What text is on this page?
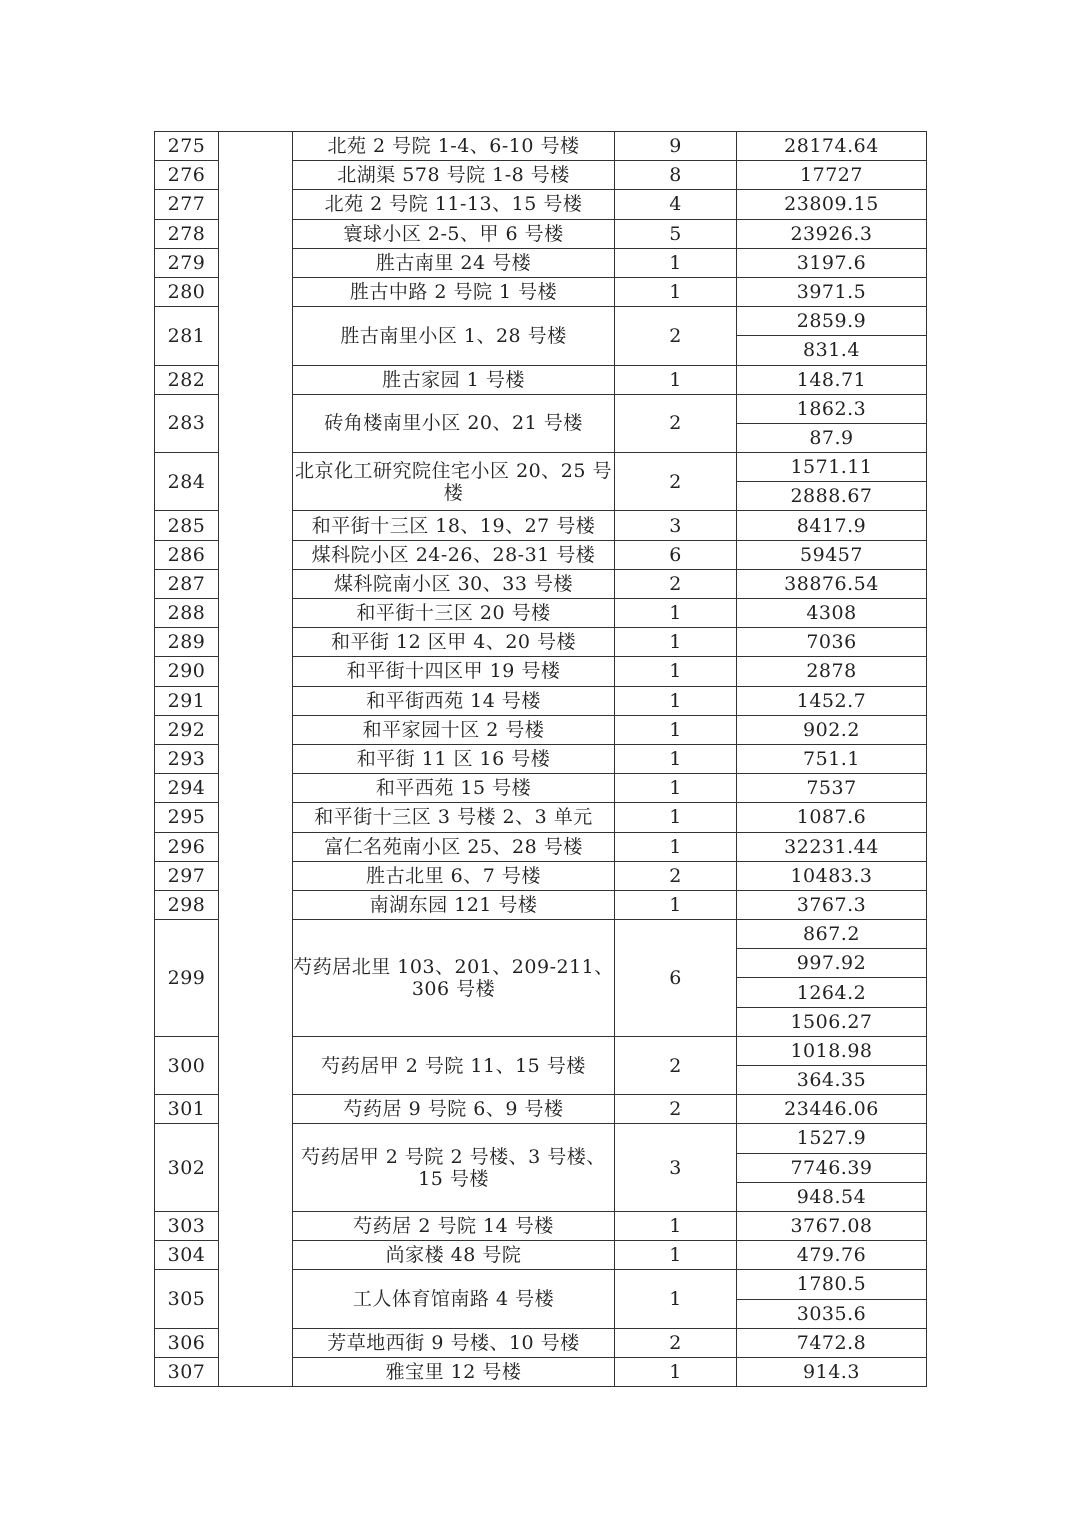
275		北苑 2 号院 1-4、6-10 号楼	9	28174.64
276		北湖渠 578 号院 1-8 号楼	8	17727
277		北苑 2 号院 11-13、15 号楼	4	23809.15
278		寰球小区 2-5、甲 6 号楼	5	23926.3
279		胜古南里 24 号楼	1	3197.6
280		胜古中路 2 号院 1 号楼	1	3971.5
281		胜古南里小区 1、28 号楼	2	2859.9
				831.4
282		胜古家园 1 号楼	1	148.71
283		砖角楼南里小区 20、21 号楼	2	1862.3
				87.9
284		北京化工研究院住宅小区 20、25 号楼	2	1571.11
				2888.67
285		和平街十三区 18、19、27 号楼	3	8417.9
286		煤科院小区 24-26、28-31 号楼	6	59457
287		煤科院南小区 30、33 号楼	2	38876.54
288		和平街十三区 20 号楼	1	4308
289		和平街 12 区甲 4、20 号楼	1	7036
290		和平街十四区甲 19 号楼	1	2878
291		和平街西苑 14 号楼	1	1452.7
292		和平家园十区 2 号楼	1	902.2
293		和平街 11 区 16 号楼	1	751.1
294		和平西苑 15 号楼	1	7537
295		和平街十三区 3 号楼 2、3 单元	1	1087.6
296		富仁名苑南小区 25、28 号楼	1	32231.44
297		胜古北里 6、7 号楼	2	10483.3
298		南湖东园 121 号楼	1	3767.3
299		芍药居北里 103、201、209-211、306 号楼	6	867.2
				997.92
				1264.2
				1506.27
300		芍药居甲 2 号院 11、15 号楼	2	1018.98
				364.35
301		芍药居 9 号院 6、9 号楼	2	23446.06
302		芍药居甲 2 号院 2 号楼、3 号楼、15 号楼	3	1527.9
				7746.39
				948.54
303		芍药居 2 号院 14 号楼	1	3767.08
304		尚家楼 48 号院	1	479.76
305		工人体育馆南路 4 号楼	1	1780.5
				3035.6
306		芳草地西街 9 号楼、10 号楼	2	7472.8
307		雅宝里 12 号楼	1	914.3
